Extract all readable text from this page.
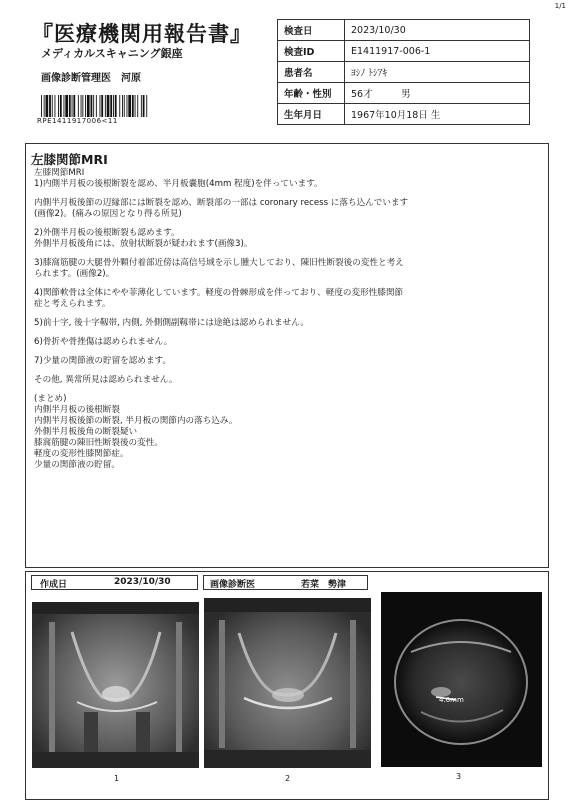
1/1
『医療機関用報告書』
メディカルスキャニング銀座
画像診断管理医　河原
RPE1411917006<11
検査日	2023/10/30
検査ID	E1411917-006-1
患者名	ﾖｼﾉ ﾄｼｱｷ
年齢・性別	56才　　　男
生年月日	1967年10月18日 生
左膝関節MRI

左膝関節MRI

1)内側半月板の後根断裂を認め、半月板嚢胞(4mm 程度)を伴っています。

内側半月板後節の辺縁部には断裂を認め、断裂部の一部は coronary recess に落ち込んでいます

(画像2)。(痛みの原因となり得る所見)

2)外側半月板の後根断裂も認めます。

外側半月板後角には、放射状断裂が疑われます(画像3)。

3)膝窩筋腱の大腿骨外顆付着部近傍は高信号域を示し腫大しており、陳旧性断裂後の変性と考え

られます。(画像2)。

4)関節軟骨は全体にやや菲薄化しています。軽度の骨棘形成を伴っており、軽度の変形性膝関節

症と考えられます。

5)前十字, 後十字靱帯, 内側, 外側側副靱帯には途絶は認められません。

6)骨折や骨挫傷は認められません。

7)少量の関節液の貯留を認めます。

その他, 異常所見は認められません。

(まとめ)

内側半月板の後根断裂

内側半月板後節の断裂, 半月板の関節内の落ち込み。

外側半月板後角の断裂疑い

膝窩筋腱の陳旧性断裂後の変性。

軽度の変形性膝関節症。

少量の関節液の貯留。

作成日	2023/10/30	画像診断医	若菜　勢津
1	2
4.0mm
3
